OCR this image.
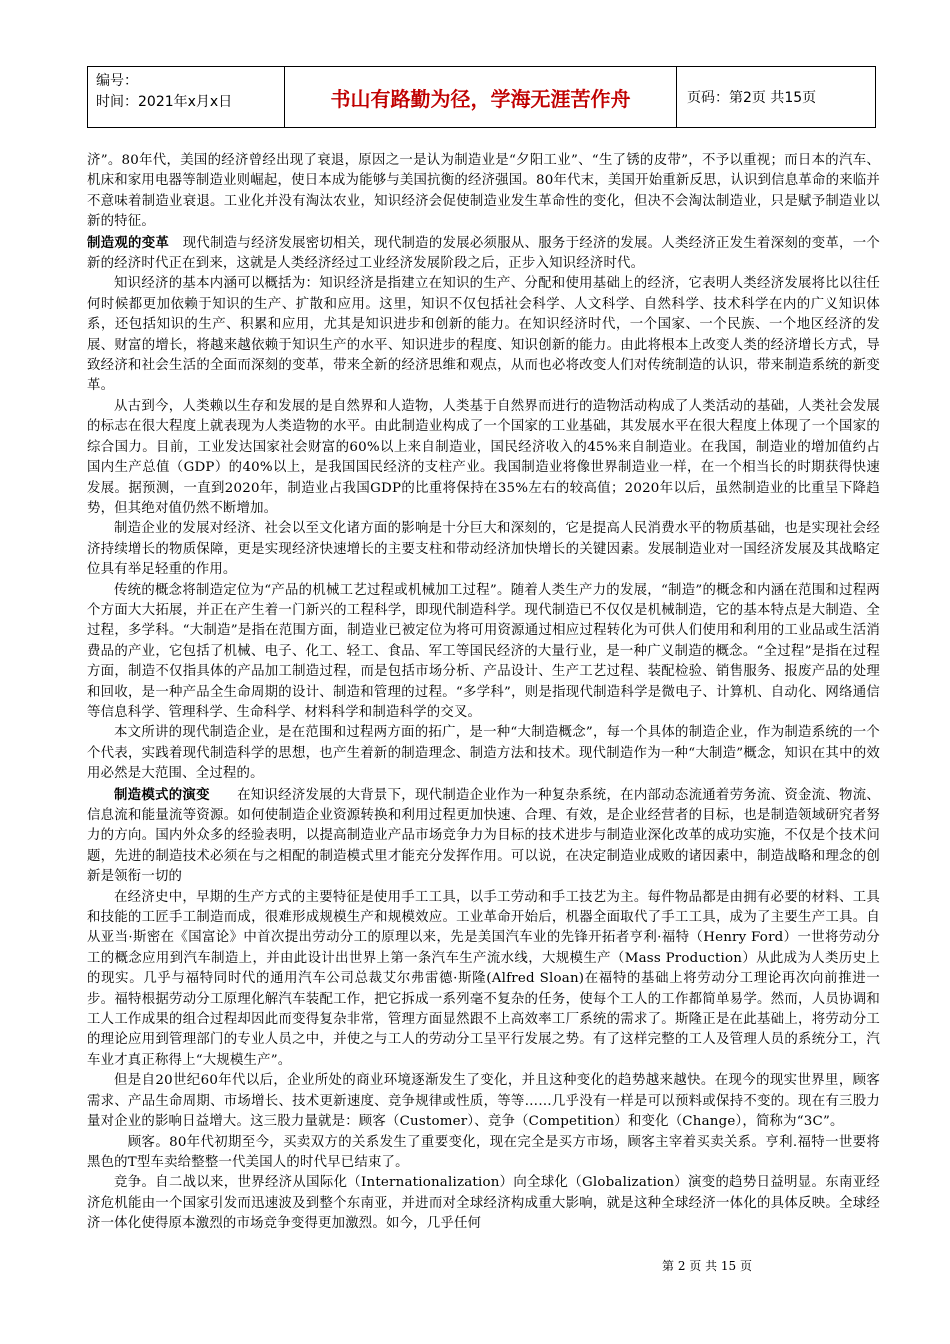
编号：
时间：2021年x月x日	书山有路勤为径，学海无涯苦作舟	页码：第2页 共15页

济”。80年代，美国的经济曾经出现了衰退，原因之一是认为制造业是“夕阳工业”、“生了锈的皮带”，不予以重视；而日本的汽车、机床和家用电器等制造业则崛起，使日本成为能够与美国抗衡的经济强国。80年代末，美国开始重新反思，认识到信息革命的来临并不意味着制造业衰退。工业化并没有淘汰农业，知识经济会促使制造业发生革命性的变化，但决不会淘汰制造业，只是赋予制造业以新的特征。

制造观的变革　现代制造与经济发展密切相关，现代制造的发展必须服从、服务于经济的发展。人类经济正发生着深刻的变革，一个新的经济时代正在到来，这就是人类经济经过工业经济发展阶段之后，正步入知识经济时代。

知识经济的基本内涵可以概括为：知识经济是指建立在知识的生产、分配和使用基础上的经济，它表明人类经济发展将比以往任何时候都更加依赖于知识的生产、扩散和应用。这里，知识不仅包括社会科学、人文科学、自然科学、技术科学在内的广义知识体系，还包括知识的生产、积累和应用，尤其是知识进步和创新的能力。在知识经济时代，一个国家、一个民族、一个地区经济的发展、财富的增长，将越来越依赖于知识生产的水平、知识进步的程度、知识创新的能力。由此将根本上改变人类的经济增长方式，导致经济和社会生活的全面而深刻的变革，带来全新的经济思维和观点，从而也必将改变人们对传统制造的认识，带来制造系统的新变革。

从古到今，人类赖以生存和发展的是自然界和人造物，人类基于自然界而进行的造物活动构成了人类活动的基础，人类社会发展的标志在很大程度上就表现为人类造物的水平。由此制造业构成了一个国家的工业基础，其发展水平在很大程度上体现了一个国家的综合国力。目前，工业发达国家社会财富的60%以上来自制造业，国民经济收入的45%来自制造业。在我国，制造业的增加值约占国内生产总值（GDP）的40%以上，是我国国民经济的支柱产业。我国制造业将像世界制造业一样，在一个相当长的时期获得快速发展。据预测，一直到2020年，制造业占我国GDP的比重将保持在35%左右的较高值；2020年以后，虽然制造业的比重呈下降趋势，但其绝对值仍然不断增加。

制造企业的发展对经济、社会以至文化诸方面的影响是十分巨大和深刻的，它是提高人民消费水平的物质基础，也是实现社会经济持续增长的物质保障，更是实现经济快速增长的主要支柱和带动经济加快增长的关键因素。发展制造业对一国经济发展及其战略定位具有举足轻重的作用。

传统的概念将制造定位为“产品的机械工艺过程或机械加工过程”。随着人类生产力的发展，“制造”的概念和内涵在范围和过程两个方面大大拓展，并正在产生着一门新兴的工程科学，即现代制造科学。现代制造已不仅仅是机械制造，它的基本特点是大制造、全过程，多学科。“大制造”是指在范围方面，制造业已被定位为将可用资源通过相应过程转化为可供人们使用和利用的工业品或生活消费品的产业，它包括了机械、电子、化工、轻工、食品、军工等国民经济的大量行业，是一种广义制造的概念。“全过程”是指在过程方面，制造不仅指具体的产品加工制造过程，而是包括市场分析、产品设计、生产工艺过程、装配检验、销售服务、报废产品的处理和回收，是一种产品全生命周期的设计、制造和管理的过程。“多学科”，则是指现代制造科学是微电子、计算机、自动化、网络通信等信息科学、管理科学、生命科学、材料科学和制造科学的交叉。

本文所讲的现代制造企业，是在范围和过程两方面的拓广，是一种“大制造概念”，每一个具体的制造企业，作为制造系统的一个个代表，实践着现代制造科学的思想，也产生着新的制造理念、制造方法和技术。现代制造作为一种“大制造”概念，知识在其中的效用必然是大范围、全过程的。

制造模式的演变　　在知识经济发展的大背景下，现代制造企业作为一种复杂系统，在内部动态流通着劳务流、资金流、物流、信息流和能量流等资源。如何使制造企业资源转换和利用过程更加快速、合理、有效，是企业经营者的目标，也是制造领域研究者努力的方向。国内外众多的经验表明，以提高制造业产品市场竞争力为目标的技术进步与制造业深化改革的成功实施，不仅是个技术问题，先进的制造技术必须在与之相配的制造模式里才能充分发挥作用。可以说，在决定制造业成败的诸因素中，制造战略和理念的创新是领衔一切的

在经济史中，早期的生产方式的主要特征是使用手工工具，以手工劳动和手工技艺为主。每件物品都是由拥有必要的材料、工具和技能的工匠手工制造而成，很难形成规模生产和规模效应。工业革命开始后，机器全面取代了手工工具，成为了主要生产工具。自从亚当·斯密在《国富论》中首次提出劳动分工的原理以来，先是美国汽车业的先锋开拓者亨利·福特（Henry Ford）一世将劳动分工的概念应用到汽车制造上，并由此设计出世界上第一条汽车生产流水线，大规模生产（Mass Production）从此成为人类历史上的现实。几乎与福特同时代的通用汽车公司总裁艾尔弗雷德·斯隆(Alfred Sloan)在福特的基础上将劳动分工理论再次向前推进一步。福特根据劳动分工原理化解汽车装配工作，把它拆成一系列毫不复杂的任务，使每个工人的工作都简单易学。然而，人员协调和工人工作成果的组合过程却因此而变得复杂非常，管理方面显然跟不上高效率工厂系统的需求了。斯隆正是在此基础上，将劳动分工的理论应用到管理部门的专业人员之中，并使之与工人的劳动分工呈平行发展之势。有了这样完整的工人及管理人员的系统分工，汽车业才真正称得上“大规模生产”。

但是自20世纪60年代以后，企业所处的商业环境逐渐发生了变化，并且这种变化的趋势越来越快。在现今的现实世界里，顾客需求、产品生命周期、市场增长、技术更新速度、竞争规律或性质，等等……几乎没有一样是可以预料或保持不变的。现在有三股力量对企业的影响日益增大。这三股力量就是：顾客（Customer）、竞争（Competition）和变化（Change），简称为“3C”。

　顾客。80年代初期至今，买卖双方的关系发生了重要变化，现在完全是买方市场，顾客主宰着买卖关系。亨利.福特一世要将黑色的T型车卖给整整一代美国人的时代早已结束了。

竞争。自二战以来，世界经济从国际化（Internationalization）向全球化（Globalization）演变的趋势日益明显。东南亚经济危机能由一个国家引发而迅速波及到整个东南亚，并进而对全球经济构成重大影响，就是这种全球经济一体化的具体反映。全球经济一体化使得原本激烈的市场竞争变得更加激烈。如今，几乎任何

第 2 页 共 15 页
